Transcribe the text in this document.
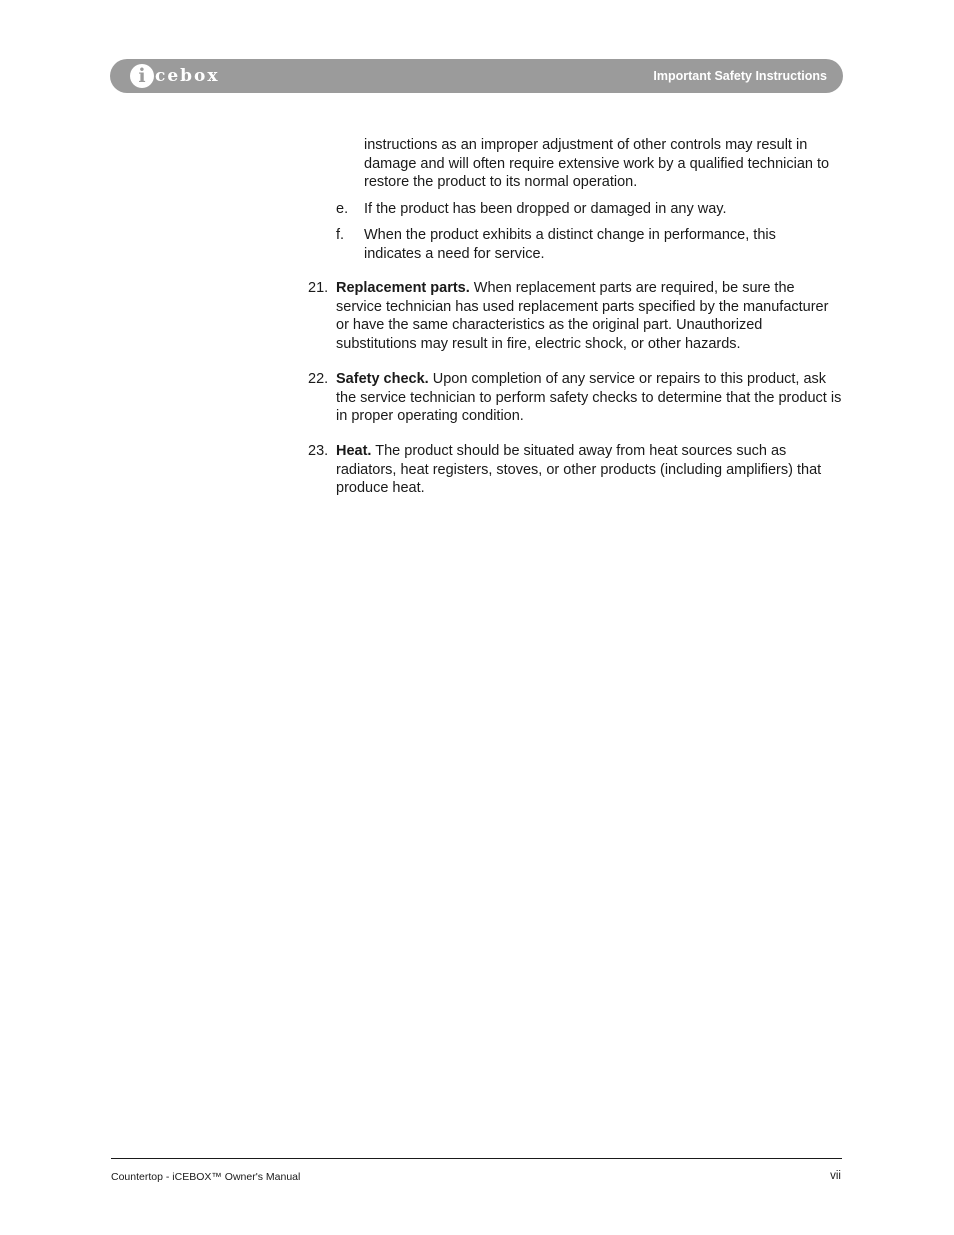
i cebox	Important Safety Instructions

instructions as an improper adjustment of other controls may result in damage and will often require extensive work by a qualified technician to restore the product to its normal operation.

e. If the product has been dropped or damaged in any way.
f. When the product exhibits a distinct change in performance, this indicates a need for service.
21. Replacement parts. When replacement parts are required, be sure the service technician has used replacement parts specified by the manufacturer or have the same characteristics as the original part. Unauthorized substitutions may result in fire, electric shock, or other hazards.
22. Safety check. Upon completion of any service or repairs to this product, ask the service technician to perform safety checks to determine that the product is in proper operating condition.
23. Heat. The product should be situated away from heat sources such as radiators, heat registers, stoves, or other products (including amplifiers) that produce heat.
Countertop - iCEBOX™ Owner's Manual	vii
